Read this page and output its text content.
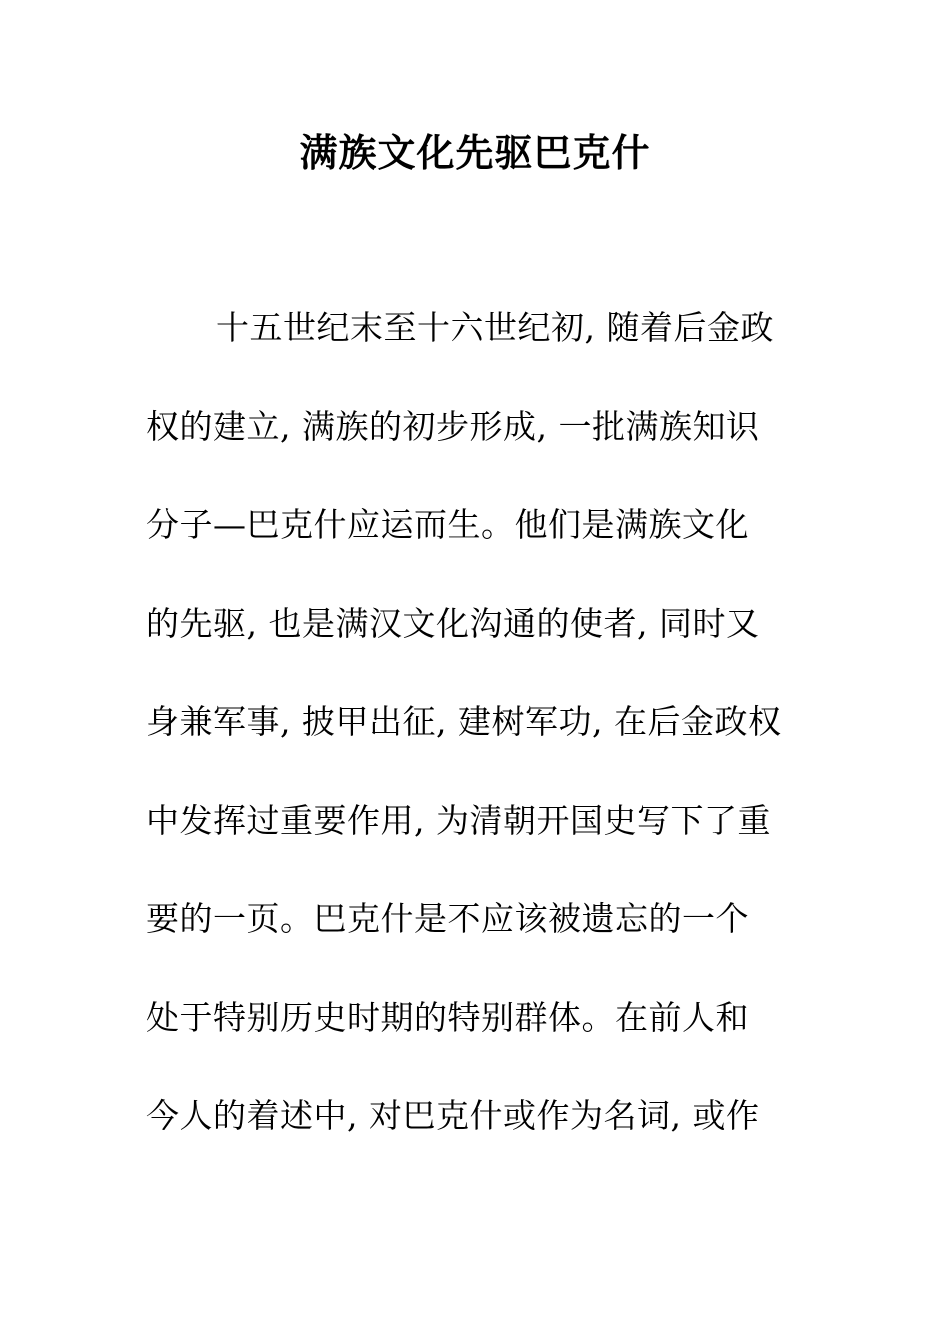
满族文化先驱巴克什
十五世纪末至十六世纪初, 随着后金政
权的建立, 满族的初步形成, 一批满族知识
分子—巴克什应运而生。他们是满族文化
的先驱, 也是满汉文化沟通的使者, 同时又
身兼军事, 披甲出征, 建树军功, 在后金政权
中发挥过重要作用, 为清朝开国史写下了重
要的一页。巴克什是不应该被遗忘的一个
处于特别历史时期的特别群体。在前人和
今人的着述中, 对巴克什或作为名词, 或作
